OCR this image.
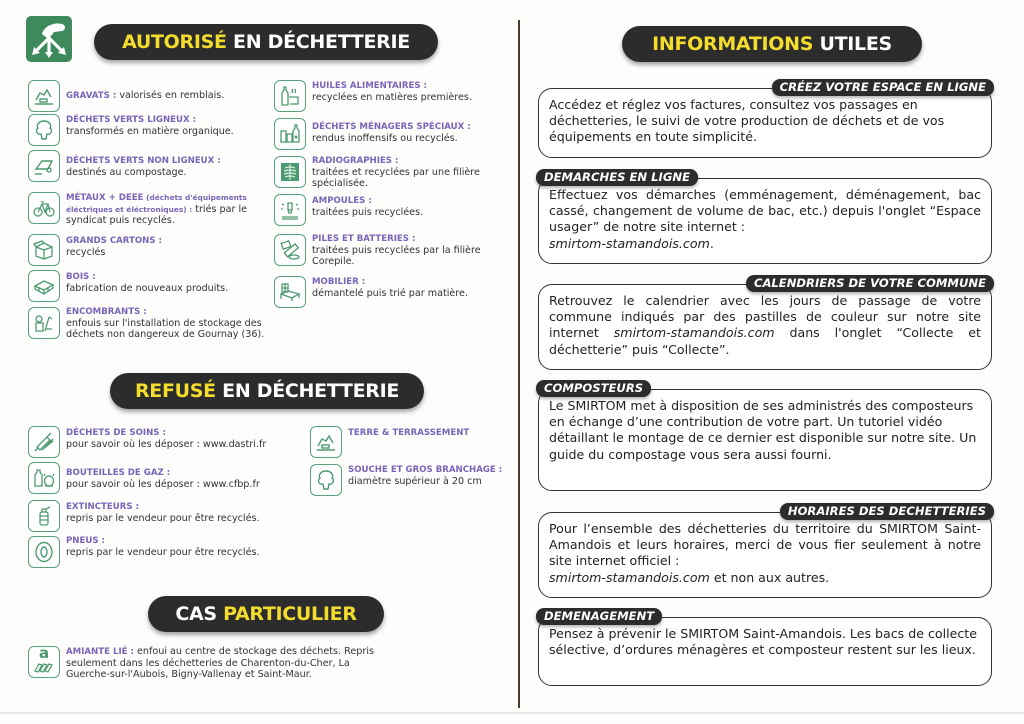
AUTORISÉ EN DÉCHETTERIE
GRAVATS : valorisés en remblais.
DÉCHETS VERTS LIGNEUX :
transformés en matière organique.
DÉCHETS VERTS NON LIGNEUX :
destinés au compostage.
MÉTAUX + DEEE (déchets d'équipements éléctriques et éléctroniques) : triés par le syndicat puis recyclés.
GRANDS CARTONS :
recyclés
BOIS :
fabrication de nouveaux produits.
ENCOMBRANTS :
enfouis sur l'installation de stockage des déchets non dangereux de Gournay (36).
HUILES ALIMENTAIRES :
recyclées en matières premières.
DÉCHETS MÉNAGERS SPÉCIAUX :
rendus inoffensifs ou recyclés.
RADIOGRAPHIES :
traitées et recyclées par une filière spécialisée.
AMPOULES :
traitées puis recyclées.
PILES ET BATTERIES :
traitées puis recyclées par la filière Corepile.
MOBILIER :
démantelé puis trié par matière.
REFUSÉ EN DÉCHETTERIE
DÉCHETS DE SOINS :
pour savoir où les déposer : www.dastri.fr
BOUTEILLES DE GAZ :
pour savoir où les déposer : www.cfbp.fr
EXTINCTEURS :
repris par le vendeur pour être recyclés.
PNEUS :
repris par le vendeur pour être recyclés.
TERRE & TERRASSEMENT
SOUCHE ET GROS BRANCHAGE :
diamètre supérieur à 20 cm
CAS PARTICULIER
a AMIANTE LIÉ : enfoui au centre de stockage des déchets. Repris seulement dans les déchetteries de Charenton-du-Cher, La Guerche-sur-l'Aubois, Bigny-Vallenay et Saint-Maur.
INFORMATIONS UTILES
CRÉEZ VOTRE ESPACE EN LIGNE

Accédez et réglez vos factures, consultez vos passages en déchetteries, le suivi de votre production de déchets et de vos équipements en toute simplicité.

DEMARCHES EN LIGNE

Effectuez vos démarches (emménagement, déménagement, bac cassé, changement de volume de bac, etc.) depuis l'onglet “Espace usager” de notre site internet :
smirtom-stamandois.com.

CALENDRIERS DE VOTRE COMMUNE

Retrouvez le calendrier avec les jours de passage de votre commune indiqués par des pastilles de couleur sur notre site internet smirtom-stamandois.com dans l'onglet “Collecte et déchetterie” puis “Collecte”.

COMPOSTEURS

Le SMIRTOM met à disposition de ses administrés des composteurs en échange d’une contribution de votre part. Un tutoriel vidéo détaillant le montage de ce dernier est disponible sur notre site. Un guide du compostage vous sera aussi fourni.

HORAIRES DES DECHETTERIES

Pour l’ensemble des déchetteries du territoire du SMIRTOM Saint-Amandois et leurs horaires, merci de vous fier seulement à notre site internet officiel :
smirtom-stamandois.com et non aux autres.

DEMENAGEMENT

Pensez à prévenir le SMIRTOM Saint-Amandois. Les bacs de collecte sélective, d’ordures ménagères et composteur restent sur les lieux.
